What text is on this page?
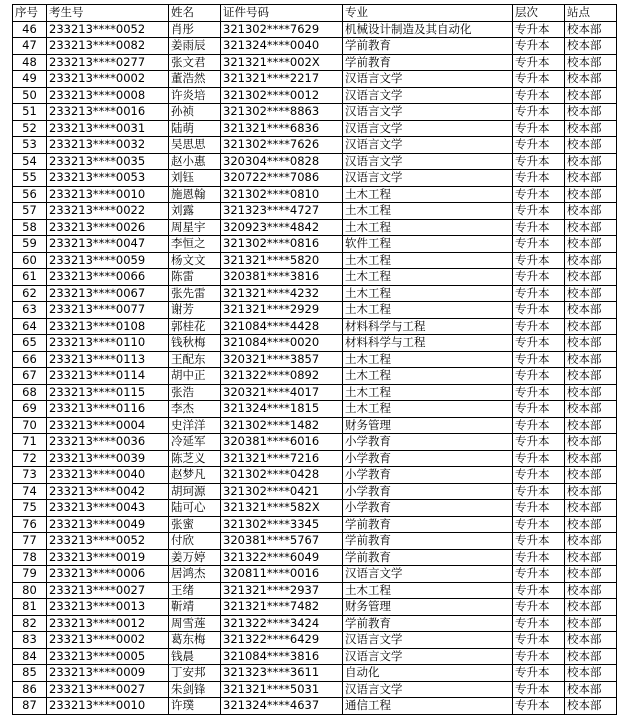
序号	考生号	姓名	证件号码	专业	层次	站点
46	233213****0052	肖彤	321302****7629	机械设计制造及其自动化	专升本	校本部
47	233213****0082	姜雨辰	321324****0040	学前教育	专升本	校本部
48	233213****0277	张文君	321321****002X	学前教育	专升本	校本部
49	233213****0002	董浩然	321321****2217	汉语言文学	专升本	校本部
50	233213****0008	许炎培	321302****0012	汉语言文学	专升本	校本部
51	233213****0016	孙祯	321302****8863	汉语言文学	专升本	校本部
52	233213****0031	陆萌	321321****6836	汉语言文学	专升本	校本部
53	233213****0032	吴思思	321302****7626	汉语言文学	专升本	校本部
54	233213****0035	赵小惠	320304****0828	汉语言文学	专升本	校本部
55	233213****0053	刘钰	320722****7086	汉语言文学	专升本	校本部
56	233213****0010	施恩翰	321302****0810	土木工程	专升本	校本部
57	233213****0022	刘露	321323****4727	土木工程	专升本	校本部
58	233213****0026	周星宇	320923****4842	土木工程	专升本	校本部
59	233213****0047	李恒之	321302****0816	软件工程	专升本	校本部
60	233213****0059	杨文文	321321****5820	土木工程	专升本	校本部
61	233213****0066	陈雷	320381****3816	土木工程	专升本	校本部
62	233213****0067	张先雷	321321****4232	土木工程	专升本	校本部
63	233213****0077	谢芳	321321****2929	土木工程	专升本	校本部
64	233213****0108	郭桂花	321084****4428	材料科学与工程	专升本	校本部
65	233213****0110	钱秋梅	321084****0020	材料科学与工程	专升本	校本部
66	233213****0113	王配东	320321****3857	土木工程	专升本	校本部
67	233213****0114	胡中正	321322****0892	土木工程	专升本	校本部
68	233213****0115	张浩	320321****4017	土木工程	专升本	校本部
69	233213****0116	李杰	321324****1815	土木工程	专升本	校本部
70	233213****0004	史洋洋	321302****1482	财务管理	专升本	校本部
71	233213****0036	冷延军	320381****6016	小学教育	专升本	校本部
72	233213****0039	陈芝义	321321****7216	小学教育	专升本	校本部
73	233213****0040	赵梦凡	321302****0428	小学教育	专升本	校本部
74	233213****0042	胡珂源	321302****0421	小学教育	专升本	校本部
75	233213****0043	陆可心	321321****582X	小学教育	专升本	校本部
76	233213****0049	张蜜	321302****3345	学前教育	专升本	校本部
77	233213****0052	付欣	320381****5767	学前教育	专升本	校本部
78	233213****0019	姜万婷	321322****6049	学前教育	专升本	校本部
79	233213****0006	居鸿杰	320811****0016	汉语言文学	专升本	校本部
80	233213****0027	王绪	321321****2937	土木工程	专升本	校本部
81	233213****0013	靳靖	321321****7482	财务管理	专升本	校本部
82	233213****0012	周雪莲	321322****3424	学前教育	专升本	校本部
83	233213****0002	葛东梅	321322****6429	汉语言文学	专升本	校本部
84	233213****0005	钱晨	321084****3816	汉语言文学	专升本	校本部
85	233213****0009	丁安邦	321323****3611	自动化	专升本	校本部
86	233213****0027	朱剑锋	321321****5031	汉语言文学	专升本	校本部
87	233213****0010	许璞	321324****4637	通信工程	专升本	校本部
